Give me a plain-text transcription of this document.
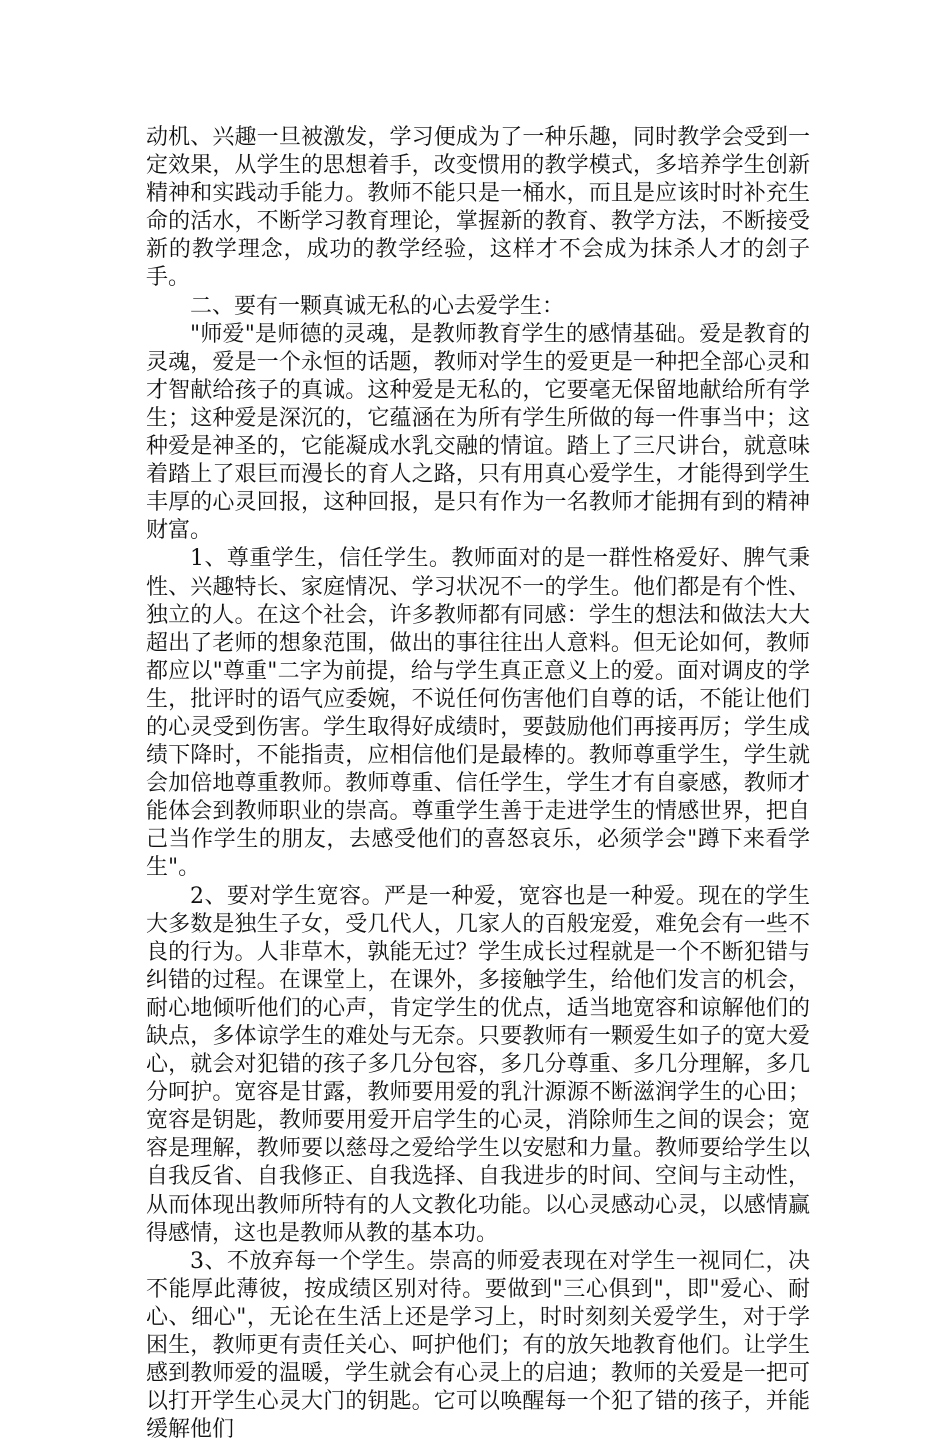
动机、兴趣一旦被激发，学习便成为了一种乐趣，同时教学会受到一定效果，从学生的思想着手，改变惯用的教学模式，多培养学生创新精神和实践动手能力。教师不能只是一桶水，而且是应该时时补充生命的活水，不断学习教育理论，掌握新的教育、教学方法，不断接受新的教学理念，成功的教学经验，这样才不会成为抹杀人才的刽子手。

二、要有一颗真诚无私的心去爱学生：

"师爱"是师德的灵魂，是教师教育学生的感情基础。爱是教育的灵魂，爱是一个永恒的话题，教师对学生的爱更是一种把全部心灵和才智献给孩子的真诚。这种爱是无私的，它要毫无保留地献给所有学生；这种爱是深沉的，它蕴涵在为所有学生所做的每一件事当中；这种爱是神圣的，它能凝成水乳交融的情谊。踏上了三尺讲台，就意味着踏上了艰巨而漫长的育人之路，只有用真心爱学生，才能得到学生丰厚的心灵回报，这种回报，是只有作为一名教师才能拥有到的精神财富。

1、尊重学生，信任学生。教师面对的是一群性格爱好、脾气秉性、兴趣特长、家庭情况、学习状况不一的学生。他们都是有个性、独立的人。在这个社会，许多教师都有同感：学生的想法和做法大大超出了老师的想象范围，做出的事往往出人意料。但无论如何，教师都应以"尊重"二字为前提，给与学生真正意义上的爱。面对调皮的学生，批评时的语气应委婉，不说任何伤害他们自尊的话，不能让他们的心灵受到伤害。学生取得好成绩时，要鼓励他们再接再厉；学生成绩下降时，不能指责，应相信他们是最棒的。教师尊重学生，学生就会加倍地尊重教师。教师尊重、信任学生，学生才有自豪感，教师才能体会到教师职业的崇高。尊重学生善于走进学生的情感世界，把自己当作学生的朋友，去感受他们的喜怒哀乐，必须学会"蹲下来看学生"。

2、要对学生宽容。严是一种爱，宽容也是一种爱。现在的学生大多数是独生子女，受几代人，几家人的百般宠爱，难免会有一些不良的行为。人非草木，孰能无过？学生成长过程就是一个不断犯错与纠错的过程。在课堂上，在课外，多接触学生，给他们发言的机会，耐心地倾听他们的心声，肯定学生的优点，适当地宽容和谅解他们的缺点，多体谅学生的难处与无奈。只要教师有一颗爱生如子的宽大爱心，就会对犯错的孩子多几分包容，多几分尊重、多几分理解，多几分呵护。宽容是甘露，教师要用爱的乳汁源源不断滋润学生的心田；宽容是钥匙，教师要用爱开启学生的心灵，消除师生之间的误会；宽容是理解，教师要以慈母之爱给学生以安慰和力量。教师要给学生以自我反省、自我修正、自我选择、自我进步的时间、空间与主动性，从而体现出教师所特有的人文教化功能。以心灵感动心灵，以感情赢得感情，这也是教师从教的基本功。

3、不放弃每一个学生。崇高的师爱表现在对学生一视同仁，决不能厚此薄彼，按成绩区别对待。要做到"三心俱到"，即"爱心、耐心、细心"，无论在生活上还是学习上，时时刻刻关爱学生，对于学困生，教师更有责任关心、呵护他们；有的放矢地教育他们。让学生感到教师爱的温暖，学生就会有心灵上的启迪；教师的关爱是一把可以打开学生心灵大门的钥匙。它可以唤醒每一个犯了错的孩子，并能缓解他们
